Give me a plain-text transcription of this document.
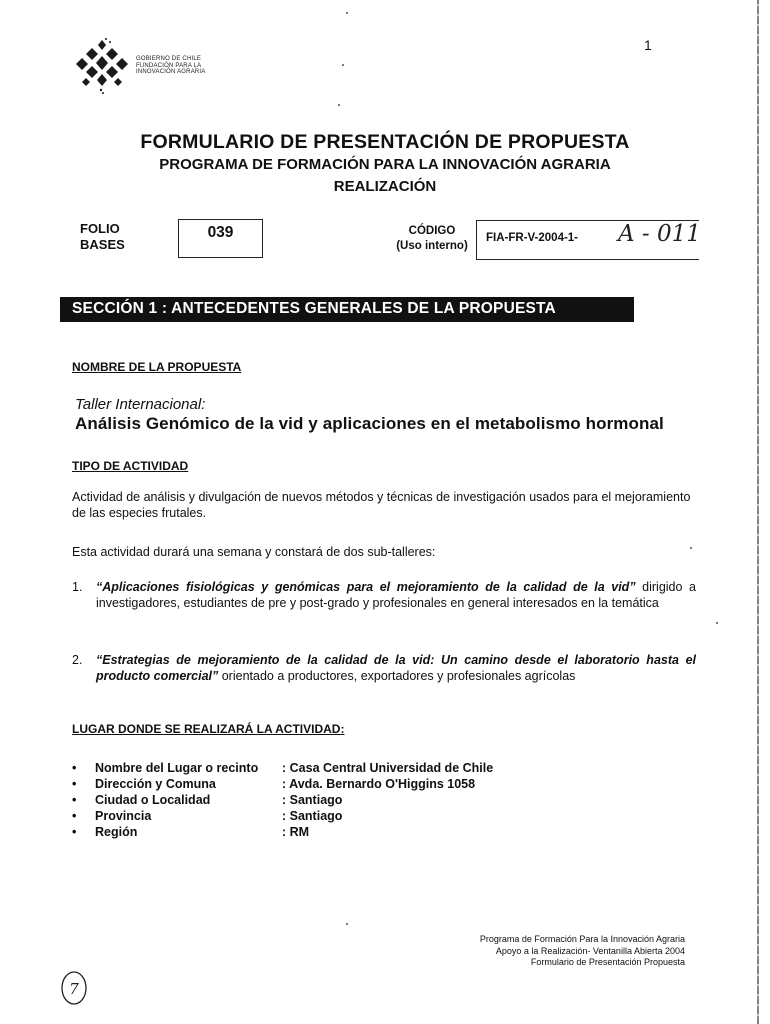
GOBIERNO DE CHILE
FUNDACIÓN PARA LA
INNOVACIÓN AGRARIA
1
FORMULARIO DE PRESENTACIÓN DE PROPUESTA
PROGRAMA DE FORMACIÓN PARA LA INNOVACIÓN AGRARIA
REALIZACIÓN
FOLIO
BASES
039	CÓDIGO
(Uso interno)
FIA-FR-V-2004-1- A - 011
SECCIÓN 1 : ANTECEDENTES GENERALES DE LA PROPUESTA
NOMBRE DE LA PROPUESTA
Taller Internacional:
Análisis Genómico de la vid y aplicaciones en el metabolismo hormonal
TIPO DE ACTIVIDAD
Actividad de análisis y divulgación de nuevos métodos y técnicas de investigación usados para el mejoramiento de las especies frutales.
Esta actividad durará una semana y constará de dos sub-talleres:
1. “Aplicaciones fisiológicas y genómicas para el mejoramiento de la calidad de la vid” dirigido a investigadores, estudiantes de pre y post-grado y profesionales en general interesados en la temática
2. “Estrategias de mejoramiento de la calidad de la vid: Un camino desde el laboratorio hasta el producto comercial” orientado a productores, exportadores y profesionales agrícolas
LUGAR DONDE SE REALIZARÁ LA ACTIVIDAD:
• Nombre del Lugar o recinto : Casa Central Universidad de Chile
• Dirección y Comuna	: Avda. Bernardo O'Higgins 1058
• Ciudad o Localidad	: Santiago
• Provincia	: Santiago
• Región	: RM
Programa de Formación Para la Innovación Agraria
Apoyo a la Realización- Ventanilla Abierta 2004
Formulario de Presentación Propuesta
7
